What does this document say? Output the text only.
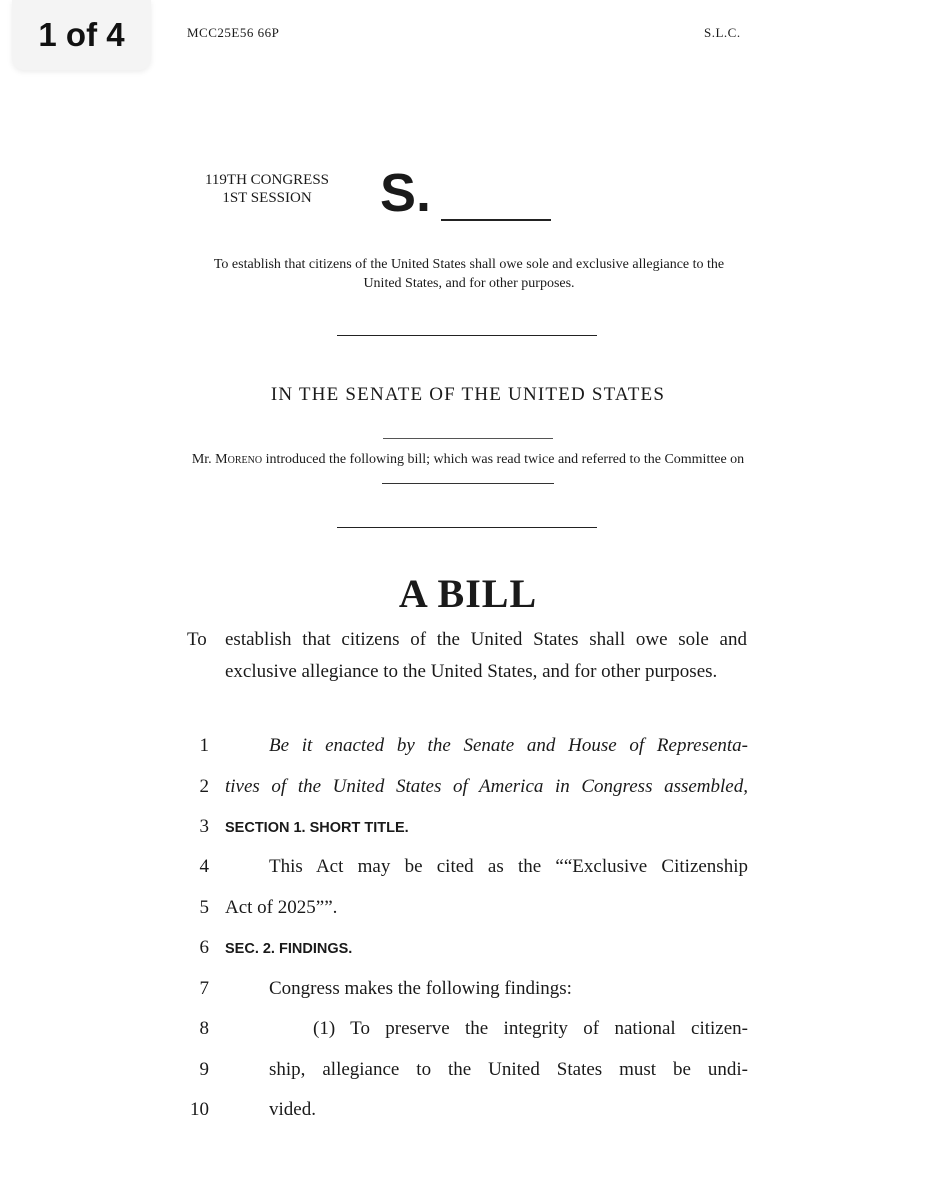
1 of 4	MCC25E56 66P	S.L.C.
119TH CONGRESS
1ST SESSION	S.
To establish that citizens of the United States shall owe sole and exclusive allegiance to the United States, and for other purposes.
IN THE SENATE OF THE UNITED STATES
Mr. Moreno introduced the following bill; which was read twice and referred to the Committee on
A BILL
To establish that citizens of the United States shall owe sole and exclusive allegiance to the United States, and for other purposes.
1	Be it enacted by the Senate and House of Representa-
2 tives of the United States of America in Congress assembled,
3 SECTION 1. SHORT TITLE.
4	This Act may be cited as the ““Exclusive Citizenship
5 Act of 2025””.
6 SEC. 2. FINDINGS.
7	Congress makes the following findings:
8	(1) To preserve the integrity of national citizen-
9	ship, allegiance to the United States must be undi-
10	vided.
